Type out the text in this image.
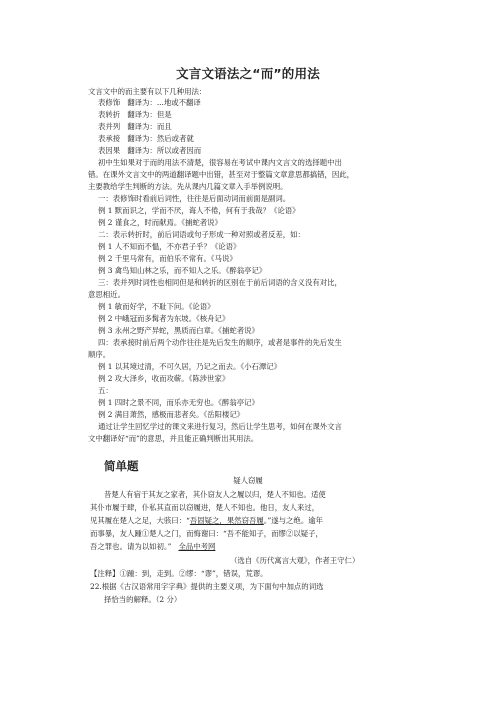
文言文语法之“而”的用法
文言文中的而主要有以下几种用法：
表修饰 翻译为：...地或不翻译
表转折 翻译为：但是
表并列 翻译为：而且
表承接 翻译为：然后或者就
表因果 翻译为：所以或者因而
初中生如果对于而的用法不清楚，很容易在考试中课内文言文的选择题中出
错。在课外文言文中的两道翻译题中出错，甚至对于整篇文章意思都搞错，因此，
主要教给学生判断的方法。先从课内几篇文章入手举例说明。
一：表修饰时看前后词性，往往是后面动词而前面是副词。
例 1 默而识之，学而不厌，诲人不倦，何有于我哉？《论语》
例 2 谨食之，时而献焉。《捕蛇者说》
二：表示转折时，前后词语或句子形成一种对照或者反差，如：
例 1 人不知而不愠，不亦君子乎？《论语》
例 2 千里马常有，而伯乐不常有。《马说》
例 3 禽鸟知山林之乐，而不知人之乐。《醉翁亭记》
三：表并列时词性也相同但是和转折的区别在于前后词语的含义没有对比，
意思相近。
例 1 敏而好学，不耻下问。《论语》
例 2 中峨冠而多髯者为东坡。《核舟记》
例 3 永州之野产异蛇，黑质而白章。《捕蛇者说》
四：表承接时前后两个动作往往是先后发生的顺序，或者是事件的先后发生
顺序。
例 1 以其境过清，不可久居，乃记之而去。《小石潭记》
例 2 攻大泽乡，收而攻蕲。《陈涉世家》
五：
例 1 四时之景不同，而乐亦无穷也。《醉翁亭记》
例 2 满目萧然，感极而悲者矣。《岳阳楼记》
通过让学生回忆学过的课文来进行复习，然后让学生思考，如何在课外文言
文中翻译好“而”的意思，并且能正确判断出其用法。
简单题
疑人窃履
昔楚人有宿于其友之家者，其仆窃友人之履以归，楚人不知也。适使
其仆市履于肆，仆私其直而以窃履进，楚人不知也。他日，友人来过，
见其履在楚人之足，大骇曰：“吾固疑之，果然窃吾履。”遂与之绝。逾年
而事暴，友人踵①楚人之门，而悔谢曰：“吾不能知子，而缪②以疑子，
吾之罪也。请为以如初。” 全品中考网
（选自《历代寓言大观》，作者王守仁）
【注释】①踵：到，走到。②缪：“谬”，错误，荒谬。
22.根据《古汉语常用字字典》提供的主要义项，为下面句中加点的词选
择恰当的解释。（2 分）
